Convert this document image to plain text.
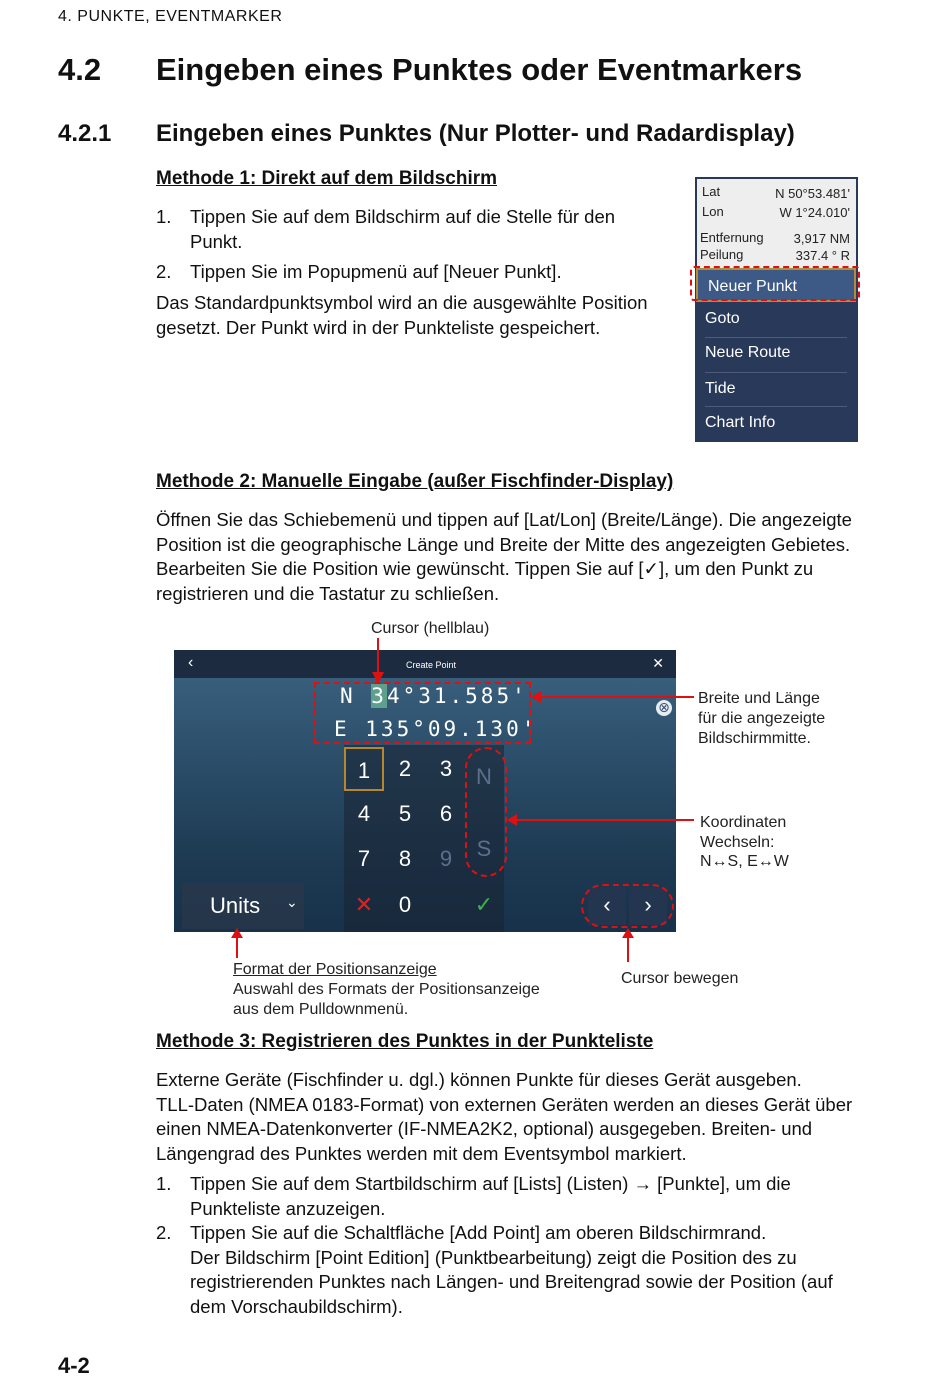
4. PUNKTE, EVENTMARKER
4.2 Eingeben eines Punktes oder Eventmarkers
4.2.1 Eingeben eines Punktes (Nur Plotter- und Radardisplay)
Methode 1: Direkt auf dem Bildschirm
1. Tippen Sie auf dem Bildschirm auf die Stelle für den
Punkt.
2. Tippen Sie im Popupmenü auf [Neuer Punkt].
Das Standardpunktsymbol wird an die ausgewählte Position
gesetzt. Der Punkt wird in der Punkteliste gespeichert.
Lat	N 50°53.481'
Lon	W 1°24.010'
Entfernung 3,917 NM
Peilung	337.4 ° R
Neuer Punkt
Goto
Neue Route
Tide
Chart Info
Methode 2: Manuelle Eingabe (außer Fischfinder-Display)
Öffnen Sie das Schiebemenü und tippen auf [Lat/Lon] (Breite/Länge). Die angezeigte
Position ist die geographische Länge und Breite der Mitte des angezeigten Gebietes.
Bearbeiten Sie die Position wie gewünscht. Tippen Sie auf [✓], um den Punkt zu
registrieren und die Tastatur zu schließen.
Cursor (hellblau)
‹	Create Point	✕
N 34°31.585'
E 135°09.130'
⊗
1	2	3
4	5	6
7	8	9
✕	0	✓
N
S
Units ⌄	‹	›
Breite und Länge
für die angezeigte
Bildschirmmitte.
Koordinaten
Wechseln:
N↔S, E↔W
Format der Positionsanzeige
Auswahl des Formats der Positionsanzeige
aus dem Pulldownmenü.
Cursor bewegen
Methode 3: Registrieren des Punktes in der Punkteliste
Externe Geräte (Fischfinder u. dgl.) können Punkte für dieses Gerät ausgeben.
TLL-Daten (NMEA 0183-Format) von externen Geräten werden an dieses Gerät über
einen NMEA-Datenkonverter (IF-NMEA2K2, optional) ausgegeben. Breiten- und
Längengrad des Punktes werden mit dem Eventsymbol markiert.
1. Tippen Sie auf dem Startbildschirm auf [Lists] (Listen) → [Punkte], um die
Punkteliste anzuzeigen.
2. Tippen Sie auf die Schaltfläche [Add Point] am oberen Bildschirmrand.
Der Bildschirm [Point Edition] (Punktbearbeitung) zeigt die Position des zu
registrierenden Punktes nach Längen- und Breitengrad sowie der Position (auf
dem Vorschaubildschirm).
4-2
